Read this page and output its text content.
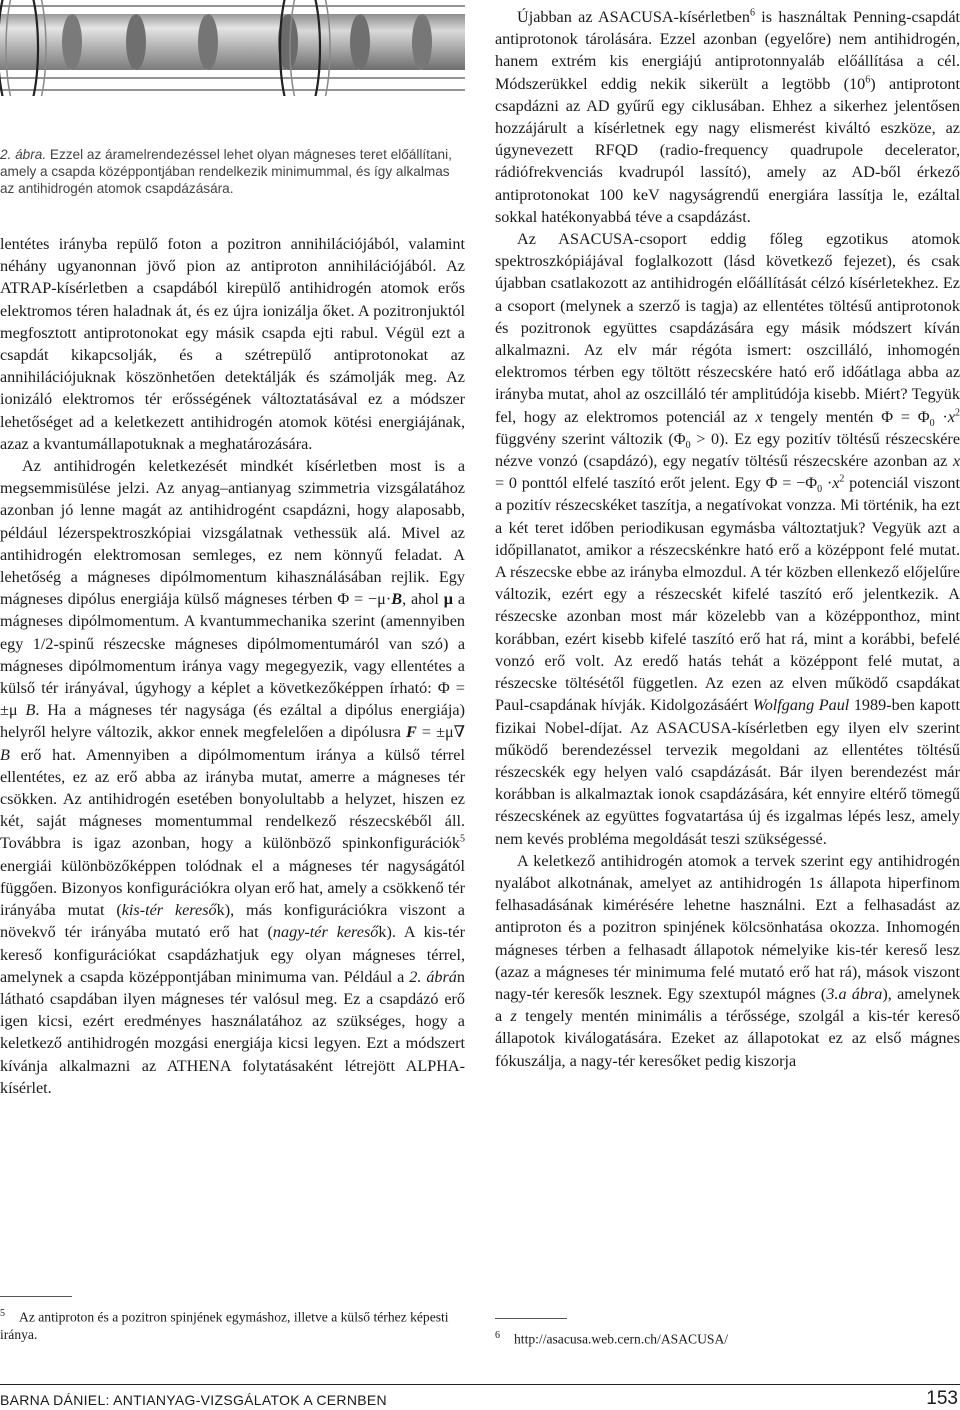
2. ábra. Ezzel az áramelrendezéssel lehet olyan mágneses teret előállítani, amely a csapda középpontjában rendelkezik minimummal, és így alkalmas az antihidrogén atomok csapdázására.

lentétes irányba repülő foton a pozitron annihilációjából, valamint néhány ugyanonnan jövő pion az antiproton annihilációjából. Az ATRAP-kísérletben a csapdából kirepülő antihidrogén atomok erős elektromos téren haladnak át, és ez újra ionizálja őket. A pozitronjuktól megfosztott antiprotonokat egy másik csapda ejti rabul. Végül ezt a csapdát kikapcsolják, és a szétrepülő antiprotonokat az annihilációjuknak köszönhetően detektálják és számolják meg. Az ionizáló elektromos tér erősségének változtatásával ez a módszer lehetőséget ad a keletkezett antihidrogén atomok kötési energiájának, azaz a kvantumállapotuknak a meghatározására.

Az antihidrogén keletkezését mindkét kísérletben most is a megsemmisülése jelzi. Az anyag–antianyag szimmetria vizsgálatához azonban jó lenne magát az antihidrogént csapdázni, hogy alaposabb, például lézerspektroszkópiai vizsgálatnak vethessük alá. Mivel az antihidrogén elektromosan semleges, ez nem könnyű feladat. A lehetőség a mágneses dipólmomentum kihasználásában rejlik. Egy mágneses dipólus energiája külső mágneses térben Φ = −μ·B, ahol μ a mágneses dipólmomentum. A kvantummechanika szerint (amennyiben egy 1/2-spinű részecske mágneses dipólmomentumáról van szó) a mágneses dipólmomentum iránya vagy megegyezik, vagy ellentétes a külső tér irányával, úgyhogy a képlet a következőképpen írható: Φ = ±μ B. Ha a mágneses tér nagysága (és ezáltal a dipólus energiája) helyről helyre változik, akkor ennek megfelelően a dipólusra F = ±μ∇ B erő hat. Amennyiben a dipólmomentum iránya a külső térrel ellentétes, ez az erő abba az irányba mutat, amerre a mágneses tér csökken. Az antihidrogén esetében bonyolultabb a helyzet, hiszen ez két, saját mágneses momentummal rendelkező részecskéből áll. Továbbra is igaz azonban, hogy a különböző spinkonfigurációk$^5$ energiái különbözőképpen tolódnak el a mágneses tér nagyságától függően. Bizonyos konfigurációkra olyan erő hat, amely a csökkenő tér irányába mutat (kis-tér keresők), más konfigurációkra viszont a növekvő tér irányába mutató erő hat (nagy-tér keresők). A kis-tér kereső konfigurációkat csapdázhatjuk egy olyan mágneses térrel, amelynek a csapda középpontjában minimuma van. Például a 2. ábrán látható csapdában ilyen mágneses tér valósul meg. Ez a csapdázó erő igen kicsi, ezért eredményes használatához az szükséges, hogy a keletkező antihidrogén mozgási energiája kicsi legyen. Ezt a módszert kívánja alkalmazni az ATHENA folytatásaként létrejött ALPHA-kísérlet.

$^5$ Az antiproton és a pozitron spinjének egymáshoz, illetve a külső térhez képesti iránya.

Újabban az ASACUSA-kísérletben$^6$ is használtak Penning-csapdát antiprotonok tárolására. Ezzel azonban (egyelőre) nem antihidrogén, hanem extrém kis energiájú antiprotonnyaláb előállítása a cél. Módszerükkel eddig nekik sikerült a legtöbb $(10^6)$ antiprotont csapdázni az AD gyűrű egy ciklusában. Ehhez a sikerhez jelentősen hozzájárult a kísérletnek egy nagy elismerést kiváltó eszköze, az úgynevezett RFQD (radio-frequency quadrupole decelerator, rádiófrekvenciás kvadrupól lassító), amely az AD-ből érkező antiprotonokat 100 keV nagyságrendű energiára lassítja le, ezáltal sokkal hatékonyabbá téve a csapdázást.

Az ASACUSA-csoport eddig főleg egzotikus atomok spektroszkópiájával foglalkozott (lásd következő fejezet), és csak újabban csatlakozott az antihidrogén előállítását célzó kísérletekhez. Ez a csoport (melynek a szerző is tagja) az ellentétes töltésű antiprotonok és pozitronok együttes csapdázására egy másik módszert kíván alkalmazni. Az elv már régóta ismert: oszcilláló, inhomogén elektromos térben egy töltött részecskére ható erő időátlaga abba az irányba mutat, ahol az oszcilláló tér amplitúdója kisebb. Miért? Tegyük fel, hogy az elektromos potenciál az x tengely mentén $\Phi = \Phi_0 \cdot x^2$ függvény szerint változik $(\Phi_0 > 0)$. Ez egy pozitív töltésű részecskére nézve vonzó (csapdázó), egy negatív töltésű részecskére azonban az x = 0 ponttól elfelé taszító erőt jelent. Egy $\Phi = -\Phi_0 \cdot x^2$ potenciál viszont a pozitív részecskéket taszítja, a negatívokat vonzza. Mi történik, ha ezt a két teret időben periodikusan egymásba változtatjuk? Vegyük azt a időpillanatot, amikor a részecskénkre ható erő a középpont felé mutat. A részecske ebbe az irányba elmozdul. A tér közben ellenkező előjelűre változik, ezért egy a részecskét kifelé taszító erő jelentkezik. A részecske azonban most már közelebb van a középponthoz, mint korábban, ezért kisebb kifelé taszító erő hat rá, mint a korábbi, befelé vonzó erő volt. Az eredő hatás tehát a középpont felé mutat, a részecske töltésétől független. Az ezen az elven működő csapdákat Paul-csapdának hívják. Kidolgozásáért Wolfgang Paul 1989-ben kapott fizikai Nobel-díjat. Az ASACUSA-kísérletben egy ilyen elv szerint működő berendezéssel tervezik megoldani az ellentétes töltésű részecskék egy helyen való csapdázását. Bár ilyen berendezést már korábban is alkalmaztak ionok csapdázására, két ennyire eltérő tömegű részecskének az együttes fogvatartása új és izgalmas lépés lesz, amely nem kevés probléma megoldását teszi szükségessé.

A keletkező antihidrogén atomok a tervek szerint egy antihidrogén nyalábot alkotnának, amelyet az antihidrogén 1s állapota hiperfinom felhasadásának kimérésére lehetne használni. Ezt a felhasadást az antiproton és a pozitron spinjének kölcsönhatása okozza. Inhomogén mágneses térben a felhasadt állapotok némelyike kis-tér kereső lesz (azaz a mágneses tér minimuma felé mutató erő hat rá), mások viszont nagy-tér keresők lesznek. Egy szextupól mágnes (3.a ábra), amelynek a z tengely mentén minimális a térőssége, szolgál a kis-tér kereső állapotok kiválogatására. Ezeket az állapotokat ez az első mágnes fókuszálja, a nagy-tér keresőket pedig kiszorja

$^6$ http://asacusa.web.cern.ch/ASACUSA/
BARNA DÁNIEL: ANTIANYAG-VIZSGÁLATOK A CERNBEN	153
